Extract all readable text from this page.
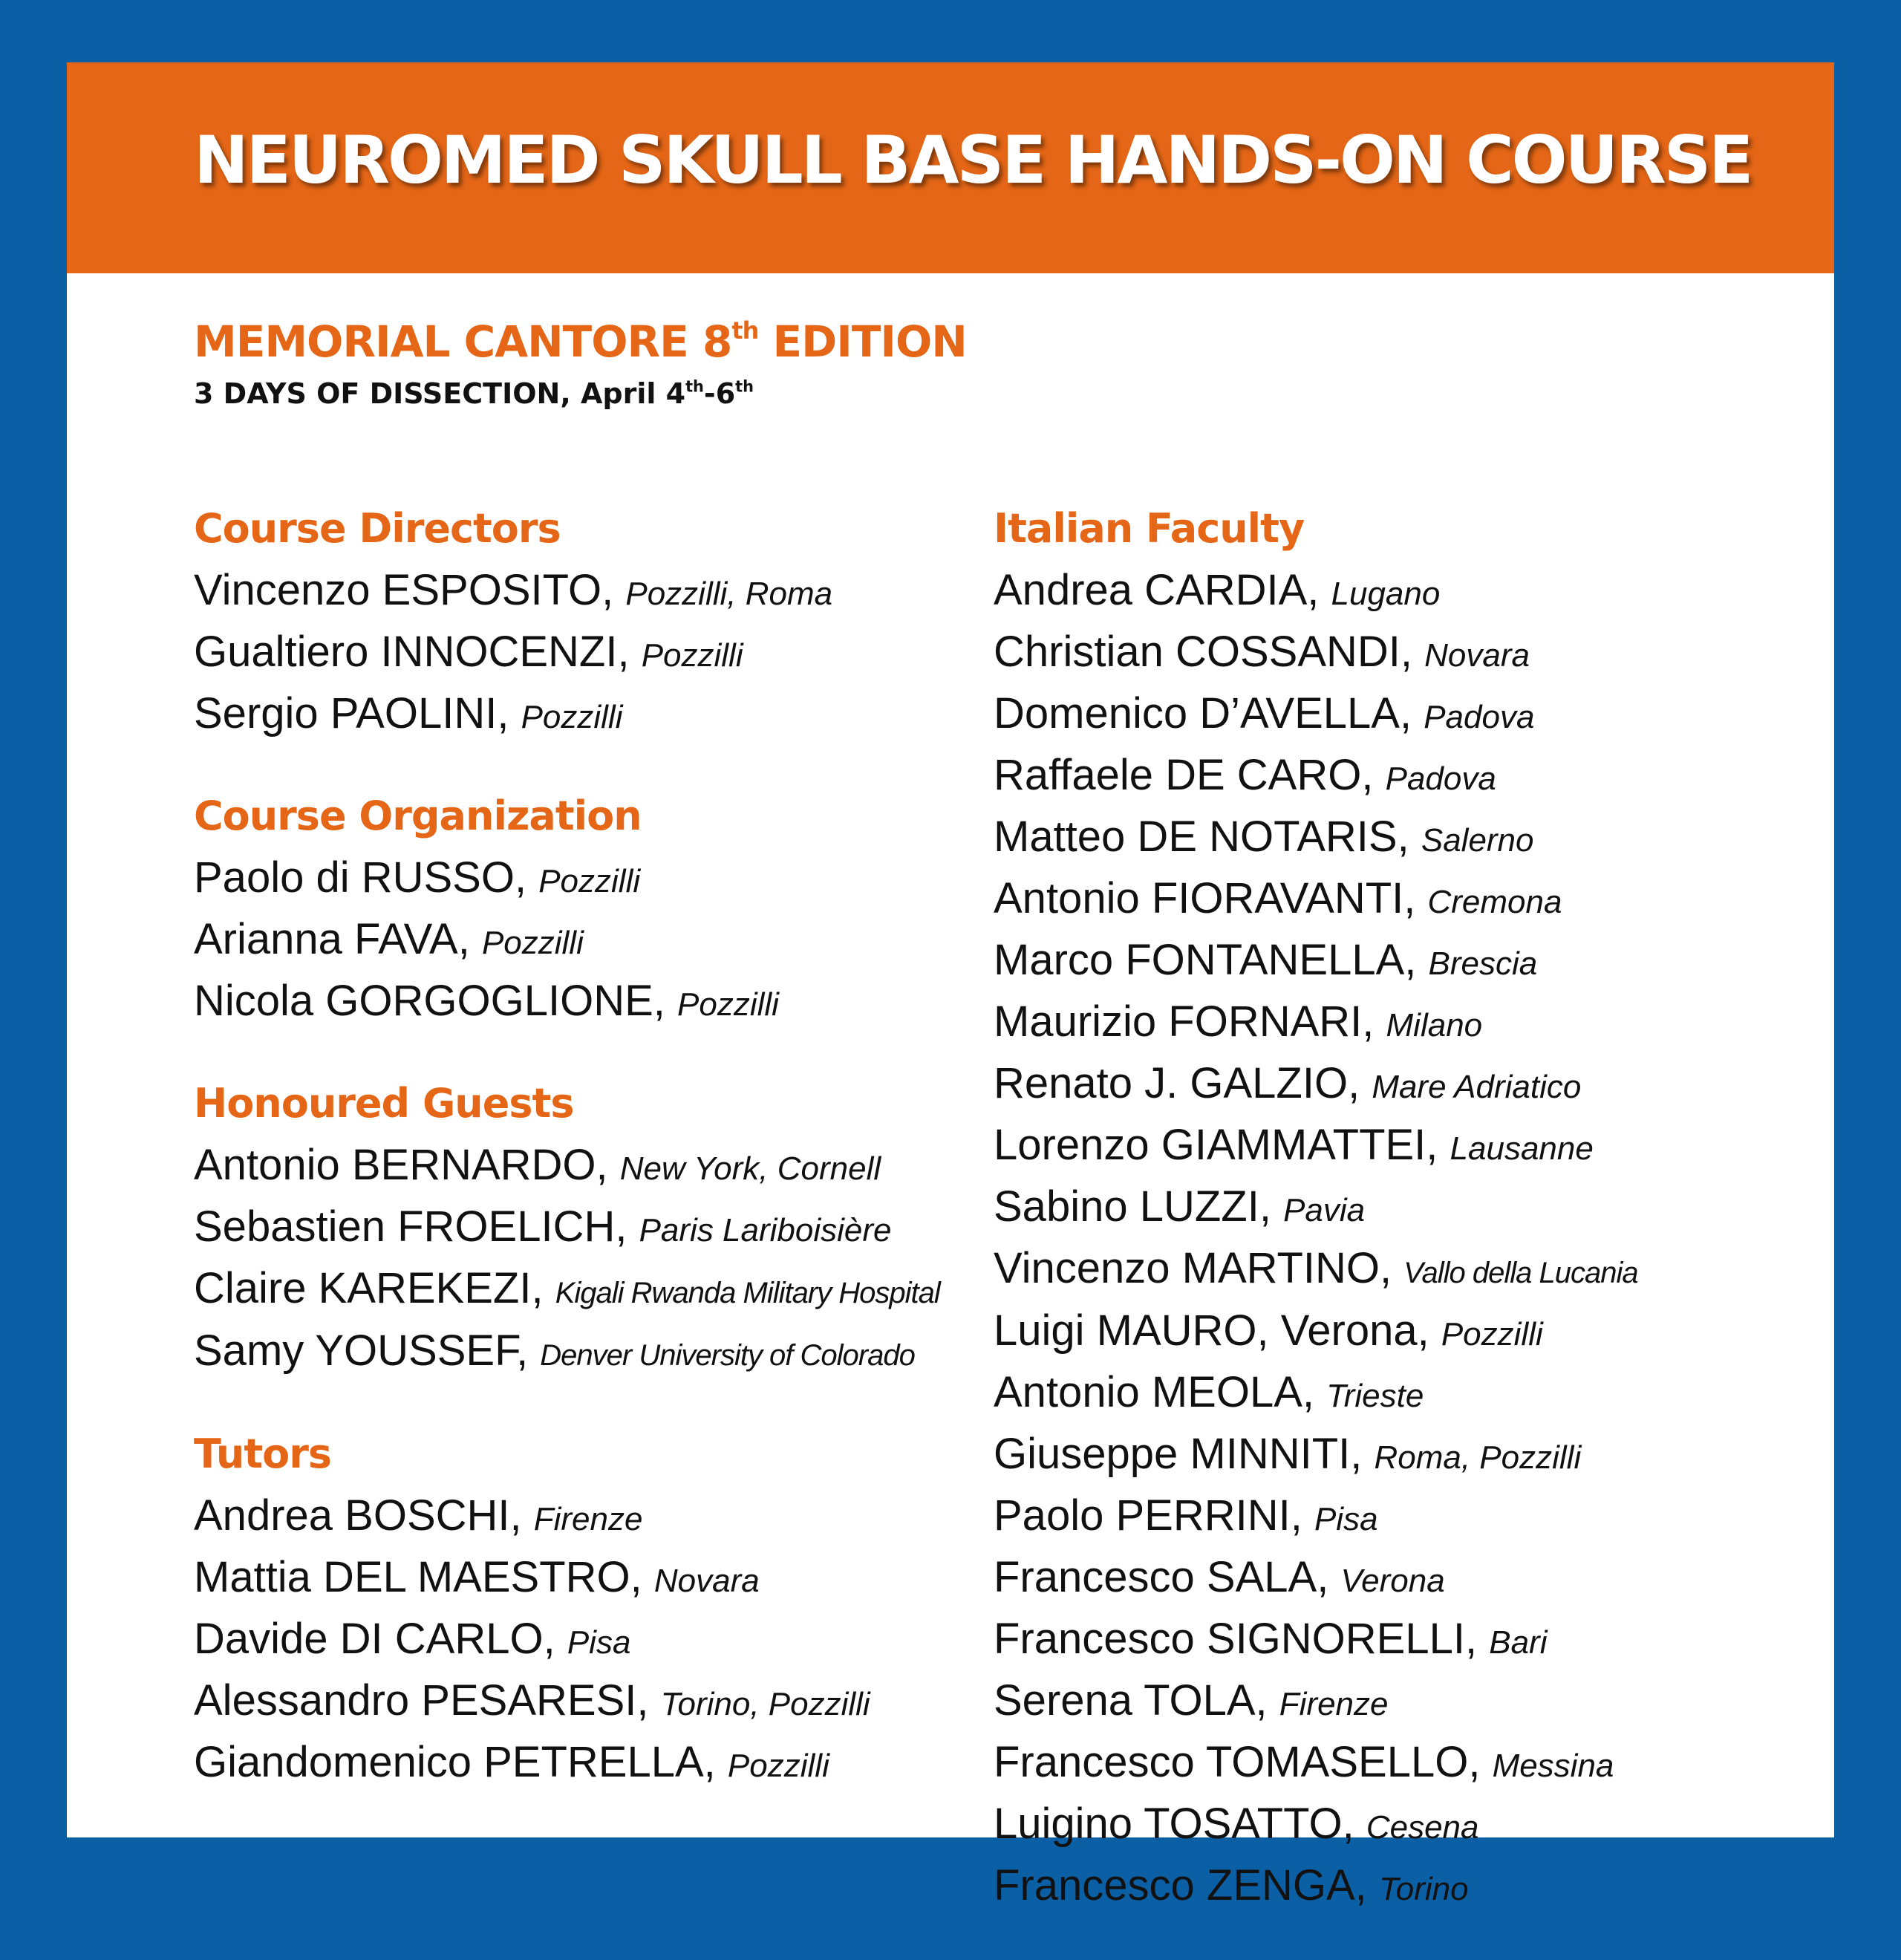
NEUROMED SKULL BASE HANDS-ON COURSE

MEMORIAL CANTORE 8th EDITION

3 DAYS OF DISSECTION, April 4th-6th

Course Directors
Vincenzo ESPOSITO, Pozzilli, Roma
Gualtiero INNOCENZI, Pozzilli
Sergio PAOLINI, Pozzilli
Course Organization
Paolo di RUSSO, Pozzilli
Arianna FAVA, Pozzilli
Nicola GORGOGLIONE, Pozzilli
Honoured Guests
Antonio BERNARDO, New York, Cornell
Sebastien FROELICH, Paris Lariboisière
Claire KAREKEZI, Kigali Rwanda Military Hospital
Samy YOUSSEF, Denver University of Colorado
Tutors
Andrea BOSCHI, Firenze
Mattia DEL MAESTRO, Novara
Davide DI CARLO, Pisa
Alessandro PESARESI, Torino, Pozzilli
Giandomenico PETRELLA, Pozzilli
Italian Faculty
Andrea CARDIA, Lugano
Christian COSSANDI, Novara
Domenico D’AVELLA, Padova
Raffaele DE CARO, Padova
Matteo DE NOTARIS, Salerno
Antonio FIORAVANTI, Cremona
Marco FONTANELLA, Brescia
Maurizio FORNARI, Milano
Renato J. GALZIO, Mare Adriatico
Lorenzo GIAMMATTEI, Lausanne
Sabino LUZZI, Pavia
Vincenzo MARTINO, Vallo della Lucania
Luigi MAURO, Verona, Pozzilli
Antonio MEOLA, Trieste
Giuseppe MINNITI, Roma, Pozzilli
Paolo PERRINI, Pisa
Francesco SALA, Verona
Francesco SIGNORELLI, Bari
Serena TOLA, Firenze
Francesco TOMASELLO, Messina
Luigino TOSATTO, Cesena
Francesco ZENGA, Torino
